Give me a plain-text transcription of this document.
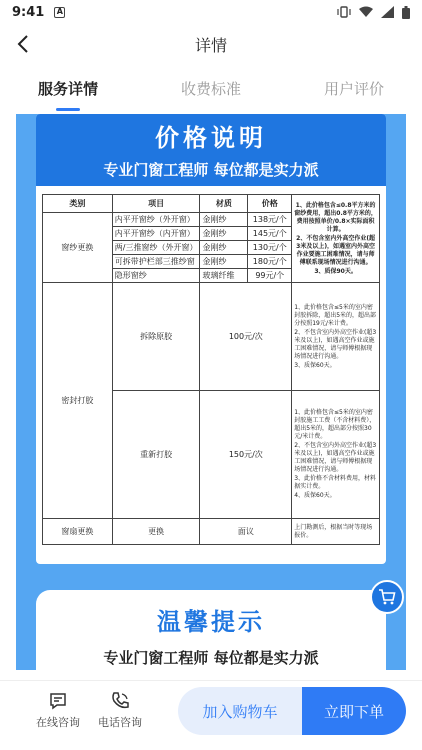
9:41 A
详情
服务详情	收费标准	用户评价
价格说明
专业门窗工程师 每位都是实力派
类别	项目	材质	价格	1、此价格包含≤0.8平方米的窗纱费用，超出0.8平方米的，费用按照单价/0.8×实际面积计算。

2、不包含室内外高空作业(超3米及以上)，如遇室内外高空作业要施工困难情况，请与师傅联系现场情况进行沟通。

3、质保90天。

窗纱更换	内平开窗纱（外开窗）	金刚纱	138元/个	
	内平开窗纱（内开窗）	金刚纱	145元/个	
	两/三推窗纱（外开窗）	金刚纱	130元/个	
	可拆带护栏部三推纱窗	金刚纱	180元/个	
	隐形窗纱	玻璃纤维	99元/个	
密封打胶	拆除原胶	100元/次		1、此价格包含≤5米的室内密封胶拆除，超出5米的，超出部分按照19元/米计费。

2、不包含室内外高空作业(超3米及以上)，如遇高空作业或施工困难情况，请与师傅根据现场情况进行沟通。

3、质保60天。

	重新打胶	150元/次		1、此价格包含≤5米的室内密封胶施工工费（不含材料费），超出5米的，超出部分按照30元/米计费。

2、不包含室内外高空作业(超3米及以上)，如遇高空作业或施工困难情况，请与师傅根据现场情况进行沟通。

3、此价格不含材料费用，材料据实计费。

4、质保60天。

窗扇更换	更换	面议		上门勘测后，根据当时等现场报价。
温馨提示
专业门窗工程师 每位都是实力派
在线咨询	电话咨询
加入购物车	立即下单
